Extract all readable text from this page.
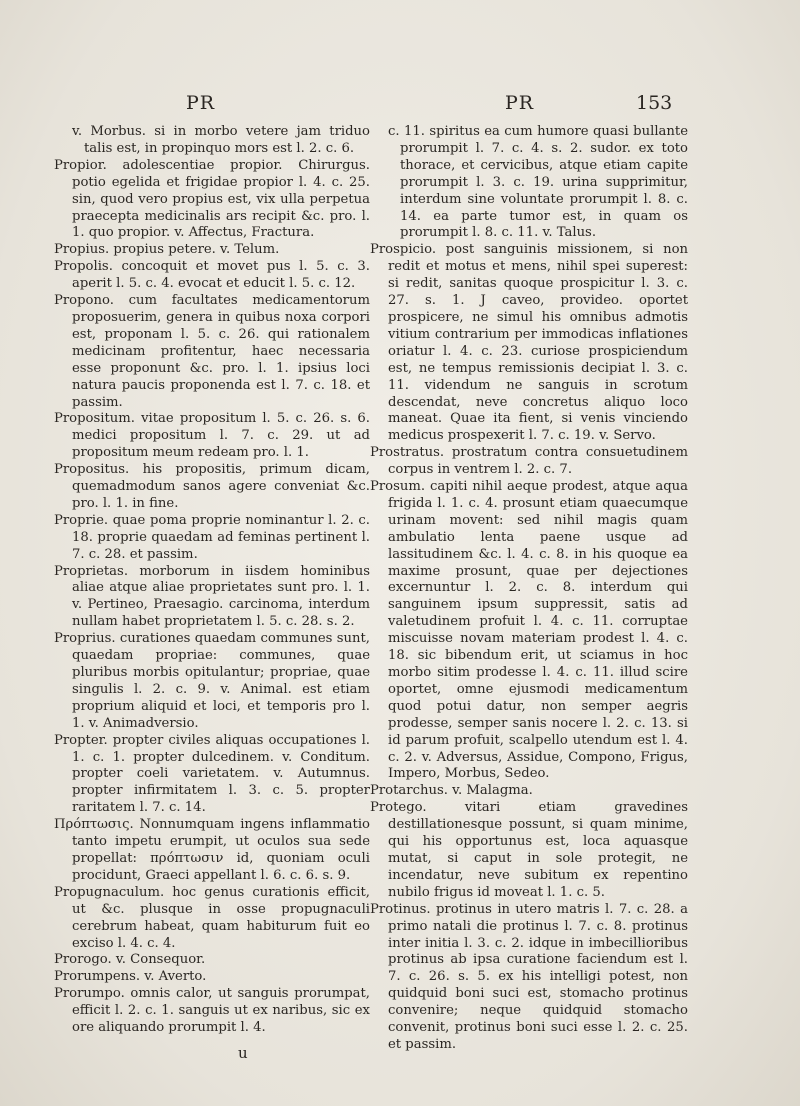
PR	PR	153

v. Morbus. si in morbo vetere jam triduo talis est, in propinquo mors est l. 2. c. 6.

Propior. adolescentiae propior. Chirurgus. potio egelida et frigidae propior l. 4. c. 25. sin, quod vero propius est, vix ulla perpetua praecepta medicinalis ars recipit &c. pro. l. 1. quo propior. v. Affectus, Fractura.

Propius. propius petere. v. Telum.

Propolis. concoquit et movet pus l. 5. c. 3. aperit l. 5. c. 4. evocat et educit l. 5. c. 12.

Propono. cum facultates medicamentorum proposuerim, genera in quibus noxa corpori est, proponam l. 5. c. 26. qui rationalem medicinam profitentur, haec necessaria esse proponunt &c. pro. l. 1. ipsius loci natura paucis proponenda est l. 7. c. 18. et passim.

Propositum. vitae propositum l. 5. c. 26. s. 6. medici propositum l. 7. c. 29. ut ad propositum meum redeam pro. l. 1.

Propositus. his propositis, primum dicam, quemadmodum sanos agere conveniat &c. pro. l. 1. in fine.

Proprie. quae poma proprie nominantur l. 2. c. 18. proprie quaedam ad feminas pertinent l. 7. c. 28. et passim.

Proprietas. morborum in iisdem hominibus aliae atque aliae proprietates sunt pro. l. 1. v. Pertineo, Praesagio. carcinoma, interdum nullam habet proprietatem l. 5. c. 28. s. 2.

Proprius. curationes quaedam communes sunt, quaedam propriae: communes, quae pluribus morbis opitulantur; propriae, quae singulis l. 2. c. 9. v. Animal. est etiam proprium aliquid et loci, et temporis pro l. 1. v. Animadversio.

Propter. propter civiles aliquas occupationes l. 1. c. 1. propter dulcedinem. v. Conditum. propter coeli varietatem. v. Autumnus. propter infirmitatem l. 3. c. 5. propter raritatem l. 7. c. 14.

Πρόπτωσις. Nonnumquam ingens inflammatio tanto impetu erumpit, ut oculos sua sede propellat: πρόπτωσιν id, quoniam oculi procidunt, Graeci appellant l. 6. c. 6. s. 9.

Propugnaculum. hoc genus curationis efficit, ut &c. plusque in osse propugnaculi cerebrum habeat, quam habiturum fuit eo exciso l. 4. c. 4.

Prorogo. v. Consequor.

Prorumpens. v. Averto.

Prorumpo. omnis calor, ut sanguis prorumpat, efficit l. 2. c. 1. sanguis ut ex naribus, sic ex ore aliquando prorumpit l. 4.

c. 11. spiritus ea cum humore quasi bullante prorumpit l. 7. c. 4. s. 2. sudor. ex toto thorace, et cervicibus, atque etiam capite prorumpit l. 3. c. 19. urina supprimitur, interdum sine voluntate prorumpit l. 8. c. 14. ea parte tumor est, in quam os prorumpit l. 8. c. 11. v. Talus.

Prospicio. post sanguinis missionem, si non redit et motus et mens, nihil spei superest: si redit, sanitas quoque prospicitur l. 3. c. 27. s. 1. J caveo, provideo. oportet prospicere, ne simul his omnibus admotis vitium contrarium per immodicas inflationes oriatur l. 4. c. 23. curiose prospiciendum est, ne tempus remissionis decipiat l. 3. c. 11. videndum ne sanguis in scrotum descendat, neve concretus aliquo loco maneat. Quae ita fient, si venis vinciendo medicus prospexerit l. 7. c. 19. v. Servo.

Prostratus. prostratum contra consuetudinem corpus in ventrem l. 2. c. 7.

Prosum. capiti nihil aeque prodest, atque aqua frigida l. 1. c. 4. prosunt etiam quaecumque urinam movent: sed nihil magis quam ambulatio lenta paene usque ad lassitudinem &c. l. 4. c. 8. in his quoque ea maxime prosunt, quae per dejectiones excernuntur l. 2. c. 8. interdum qui sanguinem ipsum suppressit, satis ad valetudinem profuit l. 4. c. 11. corruptae miscuisse novam materiam prodest l. 4. c. 18. sic bibendum erit, ut sciamus in hoc morbo sitim prodesse l. 4. c. 11. illud scire oportet, omne ejusmodi medicamentum quod potui datur, non semper aegris prodesse, semper sanis nocere l. 2. c. 13. si id parum profuit, scalpello utendum est l. 4. c. 2. v. Adversus, Assidue, Compono, Frigus, Impero, Morbus, Sedeo.

Protarchus. v. Malagma.

Protego. vitari etiam gravedines destillationesque possunt, si quam minime, qui his opportunus est, loca aquasque mutat, si caput in sole protegit, ne incendatur, neve subitum ex repentino nubilo frigus id moveat l. 1. c. 5.

Protinus. protinus in utero matris l. 7. c. 28. a primo natali die protinus l. 7. c. 8. protinus inter initia l. 3. c. 2. idque in imbecillioribus protinus ab ipsa curatione faciendum est l. 7. c. 26. s. 5. ex his intelligi potest, non quidquid boni suci est, stomacho protinus convenire; neque quidquid stomacho convenit, protinus boni suci esse l. 2. c. 25. et passim.

u
